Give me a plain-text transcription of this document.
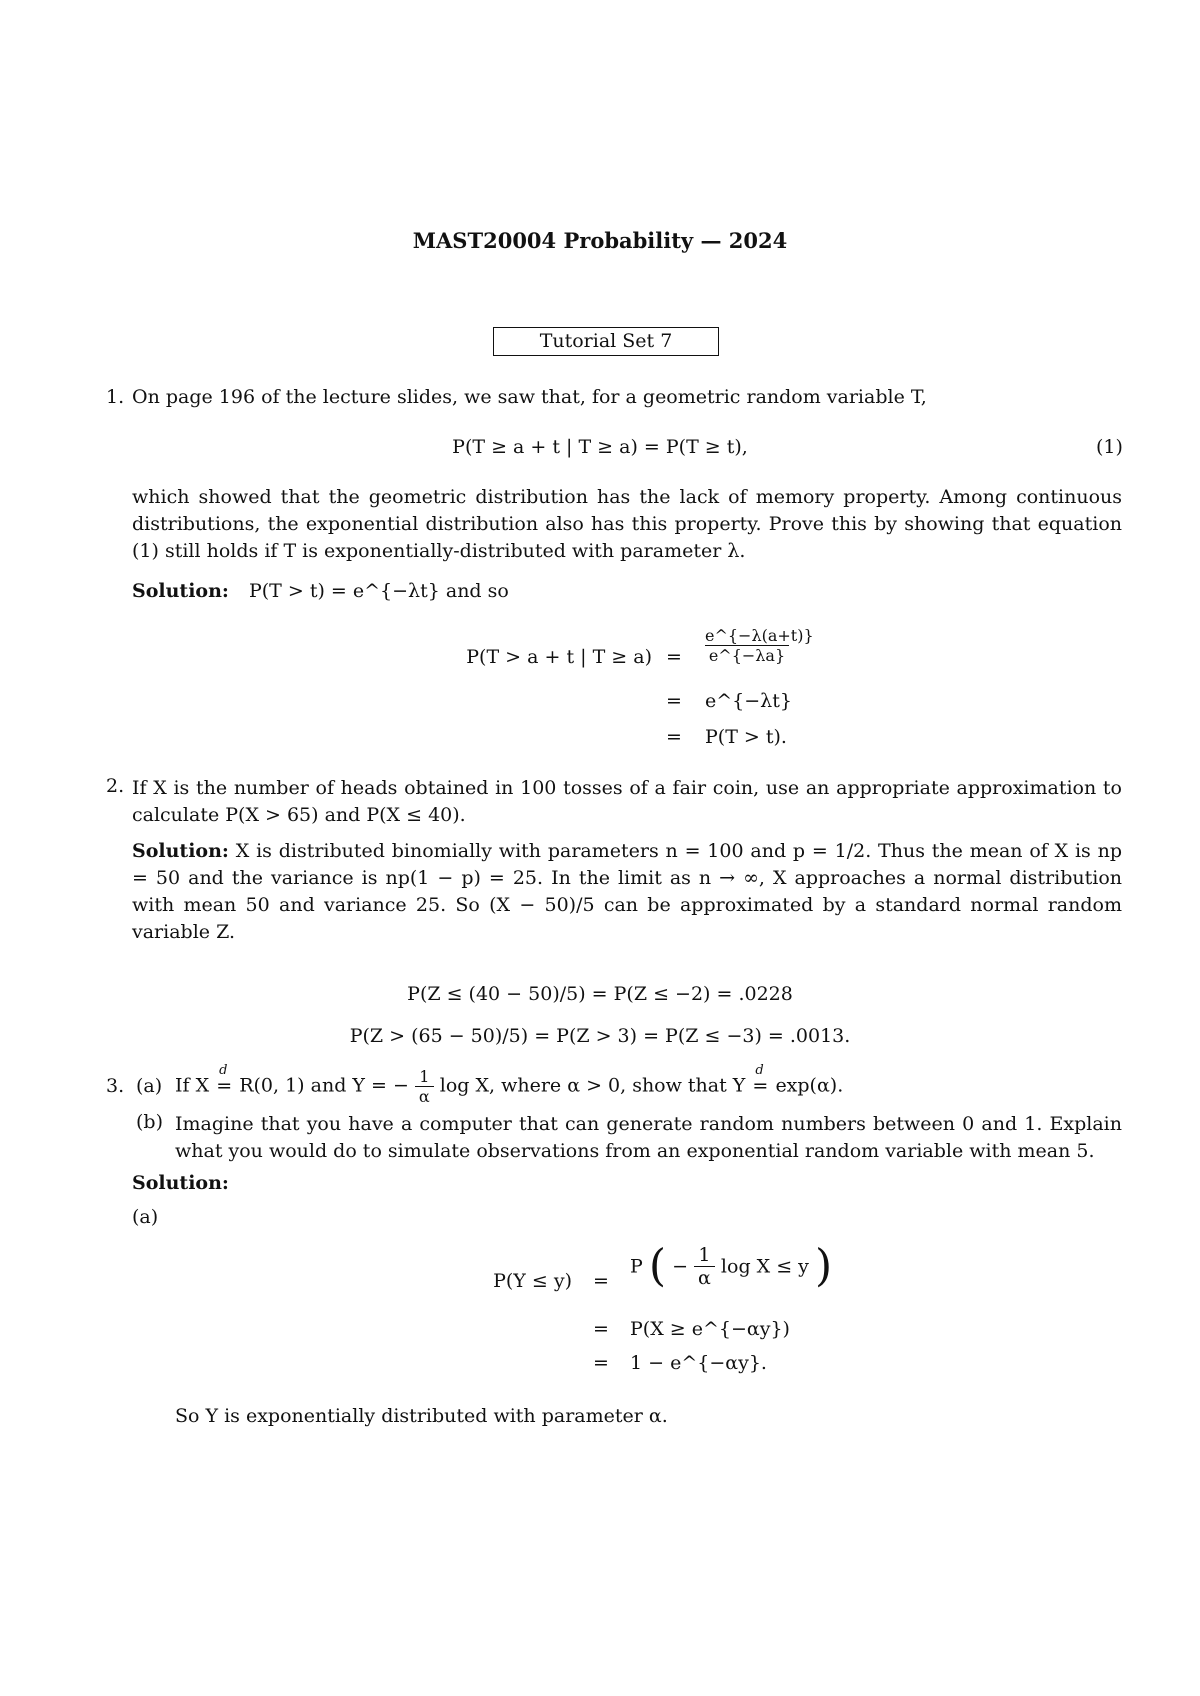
MAST20004 Probability — 2024
Tutorial Set 7
1. On page 196 of the lecture slides, we saw that, for a geometric random variable T,
P(T ≥ a + t | T ≥ a) = P(T ≥ t),	(1)
which showed that the geometric distribution has the lack of memory property. Among continuous distributions, the exponential distribution also has this property. Prove this by showing that equation (1) still holds if T is exponentially-distributed with parameter λ.
Solution: P(T > t) = e^{−λt} and so
P(T > a + t | $T \ge a) = \frac{e\^{}\{-\lambda(a+t)\}}{e\^{}\{-\lambda a\}}$
= e^{−λt}
= P(T > t).
2. If X is the number of heads obtained in 100 tosses of a fair coin, use an appropriate approximation to calculate P(X > 65) and P(X ≤ 40).
Solution: X is distributed binomially with parameters n = 100 and p = 1/2. Thus the mean of X is np = 50 and the variance is np(1 − p) = 25. In the limit as n → ∞, X approaches a normal distribution with mean 50 and variance 25. So (X − 50)/5 can be approximated by a standard normal random variable Z.
P(Z ≤ (40 − 50)/5) = P(Z ≤ −2) = .0228
P(Z > (65 − 50)/5) = P(Z > 3) = P(Z ≤ −3) = .0013.
3. (a) If X
d
= R(0, 1) and Y = − $\frac{1}{\alpha}$ log X, where α > 0, show that Y
d
= exp(α).
(b) Imagine that you have a computer that can generate random numbers between 0 and 1. Explain what you would do to simulate observations from an exponential random variable with mean 5.
Solution:
(a)
P(Y ≤ y) =
P ( − $\frac{1}{\alpha}$ log X ≤ y )
= P(X ≥ e^{−αy})
= 1 − e^{−αy}.
So Y is exponentially distributed with parameter α.
